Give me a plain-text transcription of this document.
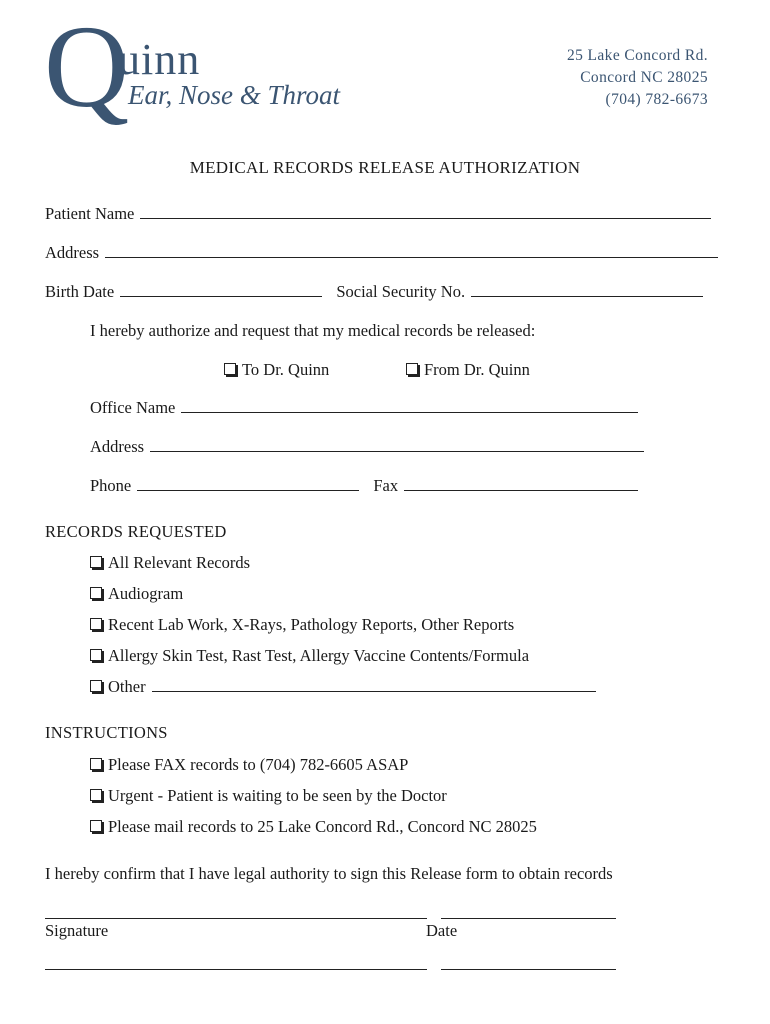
Q
uinn
Ear, Nose & Throat
25 Lake Concord Rd.
Concord NC 28025
(704) 782-6673
MEDICAL RECORDS RELEASE AUTHORIZATION
Patient Name
Address
Birth Date	Social Security No.
I hereby authorize and request that my medical records be released:
To Dr. Quinn	From Dr. Quinn
Office Name
Address
Phone	Fax
RECORDS REQUESTED
All Relevant Records
Audiogram
Recent Lab Work, X-Rays, Pathology Reports, Other Reports
Allergy Skin Test, Rast Test, Allergy Vaccine Contents/Formula
Other
INSTRUCTIONS
Please FAX records to (704) 782-6605 ASAP
Urgent - Patient is waiting to be seen by the Doctor
Please mail records to 25 Lake Concord Rd., Concord NC 28025
I hereby confirm that I have legal authority to sign this Release form to obtain records
Signature	Date
